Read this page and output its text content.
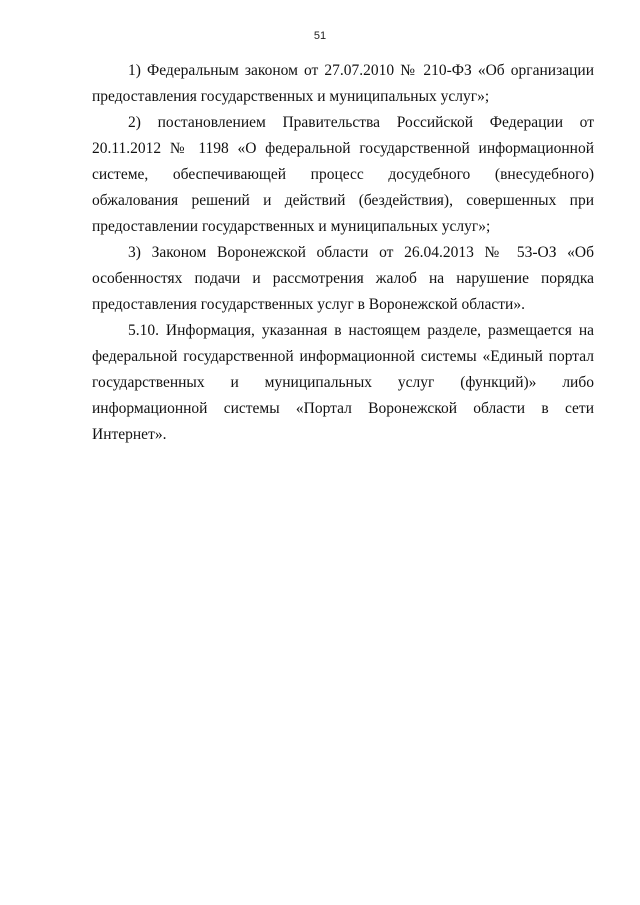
51

1) Федеральным законом от 27.07.2010 № 210-ФЗ «Об организации предоставления государственных и муниципальных услуг»;

2) постановлением Правительства Российской Федерации от 20.11.2012 № 1198 «О федеральной государственной информационной системе, обеспечивающей процесс досудебного (внесудебного) обжалования решений и действий (бездействия), совершенных при предоставлении государственных и муниципальных услуг»;

3) Законом Воронежской области от 26.04.2013 № 53-ОЗ «Об особенностях подачи и рассмотрения жалоб на нарушение порядка предоставления государственных услуг в Воронежской области».

5.10. Информация, указанная в настоящем разделе, размещается на федеральной государственной информационной системы «Единый портал государственных и муниципальных услуг (функций)» либо информационной системы «Портал Воронежской области в сети Интернет».
